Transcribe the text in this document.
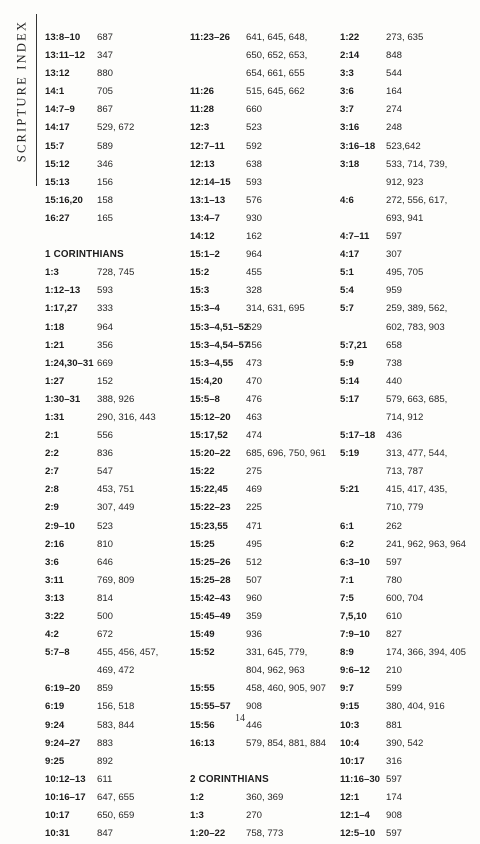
SCRIPTURE INDEX 13:8–10 687
13:11–12 347
13:12	880
14:1	705
14:7–9 867
14:17	529, 672
15:7	589
15:12	346
15:13	156
15:16,20 158
16:27	165
1 CORINTHIANS
1:3	728, 745
1:12–13 593
1:17,27 333
1:18	964
1:21	356
1:24,30–31 669
1:27	152
1:30–31 388, 926
1:31	290, 316, 443
2:1	556
2:2	836
2:7	547
2:8	453, 751
2:9	307, 449
2:9–10 523
2:16	810
3:6	646
3:11	769, 809
3:13	814
3:22	500
4:2	672
5:7–8	455, 456, 457,
469, 472
6:19–20 859
6:19	156, 518
9:24	583, 844
9:24–27 883
9:25	892
10:12–13 611
10:16–17 647, 655
10:17	650, 659
10:31	847
11:23–26 641, 645, 648,
650, 652, 653,
654, 661, 655
11:26	515, 645, 662
11:28	660
12:3	523
12:7–11 592
12:13	638
12:14–15 593
13:1–13 576
13:4–7	930
14:12	162
15:1–2	964
15:2	455
15:3	328
15:3–4	314, 631, 695
15:3–4,51–52
629
15:3–4,54–57
456
15:3–4,55 473
15:4,20 470
15:5–8	476
15:12–20 463
15:17,52 474
15:20–22 685, 696, 750, 961
15:22	275
15:22,45 469
15:22–23 225
15:23,55 471
15:25	495
15:25–26 512
15:25–28 507
15:42–43 960
15:45–49 359
15:49	936
15:52	331, 645, 779,
804, 962, 963
15:55	458, 460, 905, 907
15:55–57 908
15:56	446
16:13	579, 854, 881, 884
2 CORINTHIANS
1:2	360, 369
1:3	270
1:20–22 758, 773
1:22	273, 635
2:14	848
3:3	544
3:6	164
3:7	274
3:16	248
3:16–18 523,642
3:18	533, 714, 739,
912, 923
4:6	272, 556, 617,
693, 941
4:7–11 597
4:17	307
5:1	495, 705
5:4	959
5:7	259, 389, 562,
602, 783, 903
5:7,21 658
5:9	738
5:14	440
5:17	579, 663, 685,
714, 912
5:17–18 436
5:19	313, 477, 544,
713, 787
5:21	415, 417, 435,
710, 779
6:1	262
6:2	241, 962, 963, 964
6:3–10 597
7:1	780
7:5	600, 704
7,5,10 610
7:9–10 827
8:9	174, 366, 394, 405
9:6–12 210
9:7	599
9:15	380, 404, 916
10:3	881
10:4	390, 542
10:17 316
11:16–30 597
12:1	174
12:1–4 908
12:5–10 597
14
